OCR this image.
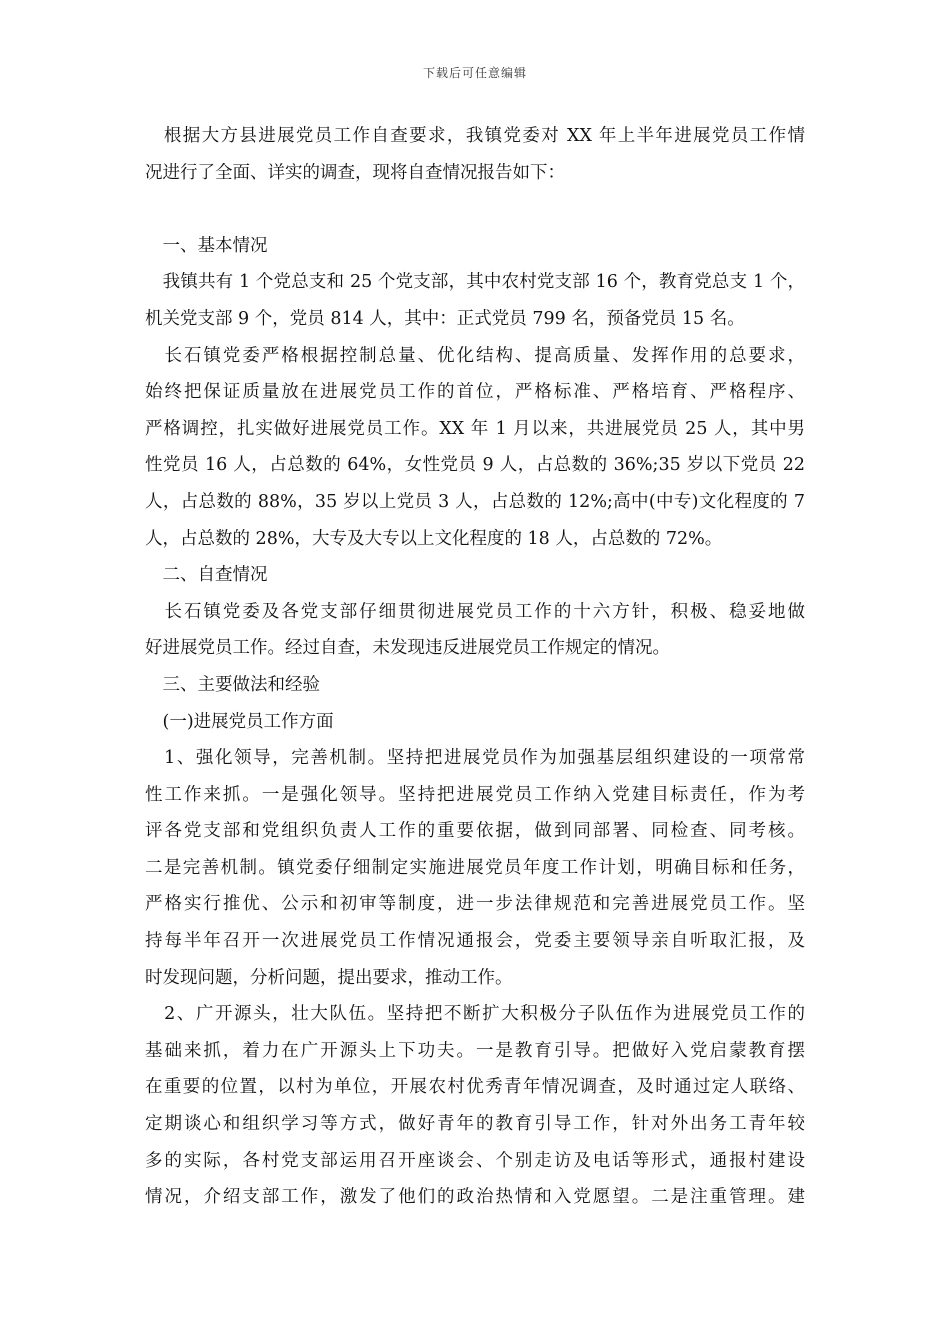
下载后可任意编辑
　根据大方县进展党员工作自查要求，我镇党委对 XX 年上半年进展党员工作情
况进行了全面、详实的调查，现将自查情况报告如下：
　一、基本情况
　我镇共有 1 个党总支和 25 个党支部，其中农村党支部 16 个，教育党总支 1 个，
机关党支部 9 个，党员 814 人，其中：正式党员 799 名，预备党员 15 名。
　长石镇党委严格根据控制总量、优化结构、提高质量、发挥作用的总要求，
始终把保证质量放在进展党员工作的首位，严格标准、严格培育、严格程序、
严格调控，扎实做好进展党员工作。XX 年 1 月以来，共进展党员 25 人，其中男
性党员 16 人，占总数的 64%，女性党员 9 人，占总数的 36%;35 岁以下党员 22
人，占总数的 88%，35 岁以上党员 3 人，占总数的 12%;高中(中专)文化程度的 7
人，占总数的 28%，大专及大专以上文化程度的 18 人，占总数的 72%。
　二、自查情况
　长石镇党委及各党支部仔细贯彻进展党员工作的十六方针，积极、稳妥地做
好进展党员工作。经过自查，未发现违反进展党员工作规定的情况。
　三、主要做法和经验
　(一)进展党员工作方面
　1、强化领导，完善机制。坚持把进展党员作为加强基层组织建设的一项常常
性工作来抓。一是强化领导。坚持把进展党员工作纳入党建目标责任，作为考
评各党支部和党组织负责人工作的重要依据，做到同部署、同检查、同考核。
二是完善机制。镇党委仔细制定实施进展党员年度工作计划，明确目标和任务，
严格实行推优、公示和初审等制度，进一步法律规范和完善进展党员工作。坚
持每半年召开一次进展党员工作情况通报会，党委主要领导亲自听取汇报，及
时发现问题，分析问题，提出要求，推动工作。
　2、广开源头，壮大队伍。坚持把不断扩大积极分子队伍作为进展党员工作的
基础来抓，着力在广开源头上下功夫。一是教育引导。把做好入党启蒙教育摆
在重要的位置，以村为单位，开展农村优秀青年情况调查，及时通过定人联络、
定期谈心和组织学习等方式，做好青年的教育引导工作，针对外出务工青年较
多的实际，各村党支部运用召开座谈会、个别走访及电话等形式，通报村建设
情况，介绍支部工作，激发了他们的政治热情和入党愿望。二是注重管理。建
